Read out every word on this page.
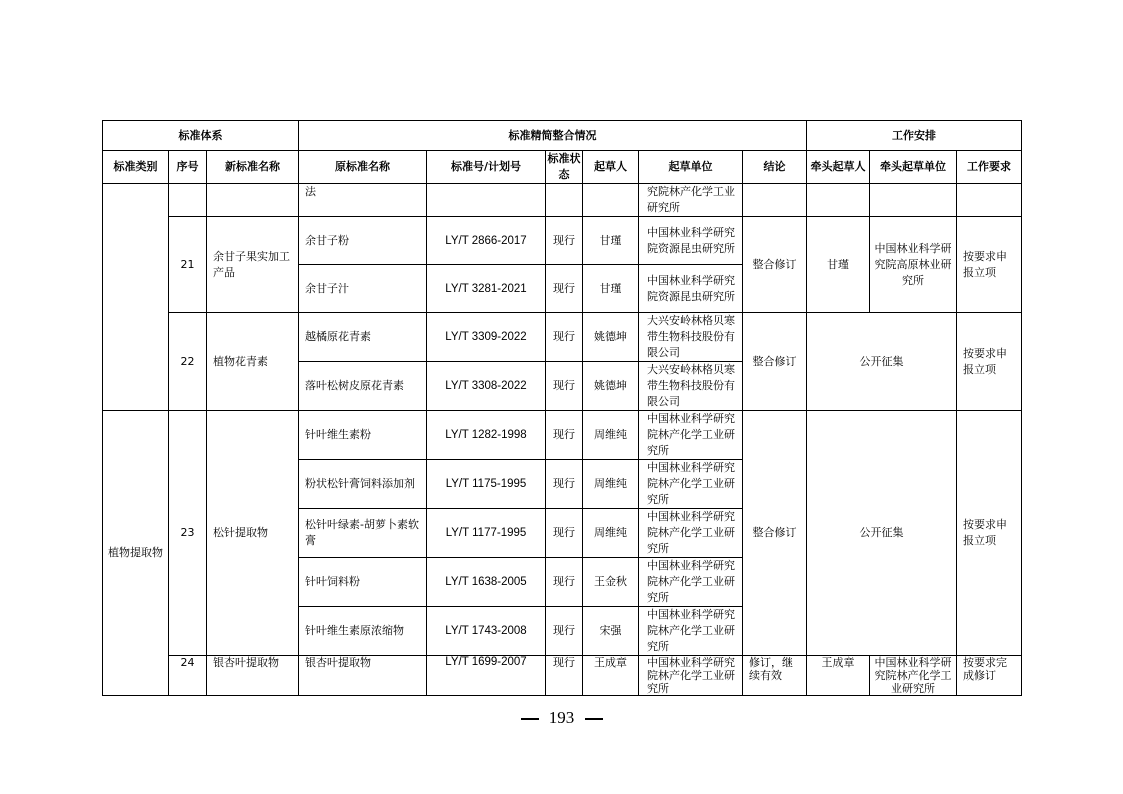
标准体系			标准精简整合情况						工作安排		
标准类别	序号	新标准名称	原标准名称	标准号/计划号	标准状态	起草人	起草单位	结论	牵头起草人	牵头起草单位	工作要求
			法				究院林产化学工业研究所				
	21	余甘子果实加工产品	余甘子粉	LY/T 2866-2017	现行	甘瑾	中国林业科学研究院资源昆虫研究所	整合修订	甘瑾	中国林业科学研究院高原林业研究所	按要求申报立项
			余甘子汁	LY/T 3281-2021	现行	甘瑾	中国林业科学研究院资源昆虫研究所				
	22	植物花青素	越橘原花青素	LY/T 3309-2022	现行	姚德坤	大兴安岭林格贝寒带生物科技股份有限公司	整合修订	公开征集		按要求申报立项
			落叶松树皮原花青素	LY/T 3308-2022	现行	姚德坤	大兴安岭林格贝寒带生物科技股份有限公司				
植物提取物	23	松针提取物	针叶维生素粉	LY/T 1282-1998	现行	周维纯	中国林业科学研究院林产化学工业研究所	整合修订	公开征集		按要求申报立项
			粉状松针膏饲料添加剂	LY/T 1175-1995	现行	周维纯	中国林业科学研究院林产化学工业研究所				
			松针叶绿素-胡萝卜素软膏	LY/T 1177-1995	现行	周维纯	中国林业科学研究院林产化学工业研究所				
			针叶饲料粉	LY/T 1638-2005	现行	王金秋	中国林业科学研究院林产化学工业研究所				
			针叶维生素原浓缩物	LY/T 1743-2008	现行	宋强	中国林业科学研究院林产化学工业研究所				
	24	银杏叶提取物	银杏叶提取物	LY/T 1699-2007	现行	王成章	中国林业科学研究院林产化学工业研究所	修订，继续有效	王成章	中国林业科学研究院林产化学工业研究所	按要求完成修订
193
